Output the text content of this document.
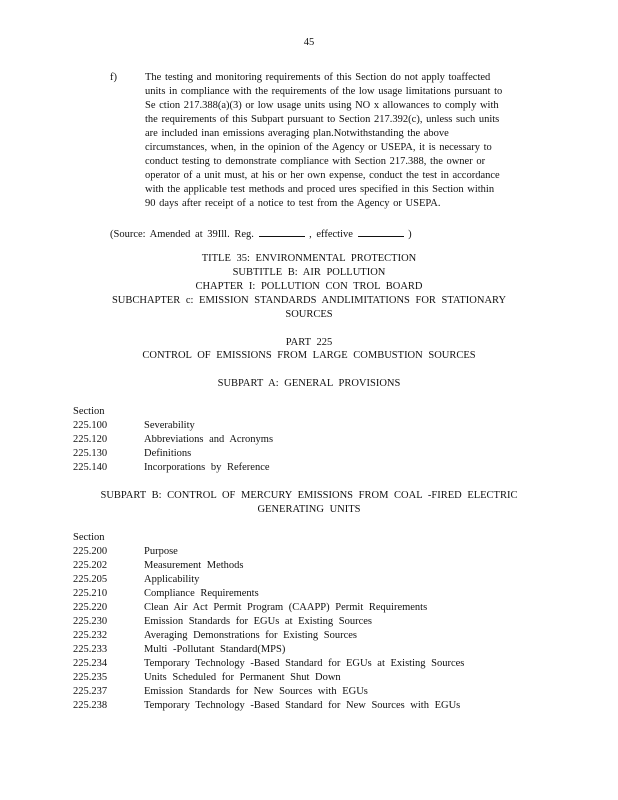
45
f)	The testing and monitoring requirements of this Section do not apply toaffected
units in compliance with the requirements of the low usage limitations pursuant to
Se ction 217.388(a)(3) or low usage units using NO x allowances to comply with
the requirements of this Subpart pursuant to Section 217.392(c), unless such units
are included inan emissions averaging plan.Notwithstanding the above
circumstances, when, in the opinion of the Agency or USEPA, it is necessary to
conduct testing to demonstrate compliance with Section 217.388, the owner or
operator of a unit must, at his or her own expense, conduct the test in accordance
with the applicable test methods and proced ures specified in this Section within
90 days after receipt of a notice to test from the Agency or USEPA.
(Source: Amended at 39Ill. Reg.	, effective	)
TITLE 35: ENVIRONMENTAL PROTECTION
SUBTITLE B: AIR POLLUTION
CHAPTER I: POLLUTION CON TROL BOARD
SUBCHAPTER c: EMISSION STANDARDS ANDLIMITATIONS FOR STATIONARY
SOURCES
PART 225
CONTROL OF EMISSIONS FROM LARGE COMBUSTION SOURCES
SUBPART A: GENERAL PROVISIONS
Section
225.100	Severability
225.120	Abbreviations and Acronyms
225.130	Definitions
225.140	Incorporations by Reference
SUBPART B: CONTROL OF MERCURY EMISSIONS FROM COAL -FIRED ELECTRIC
GENERATING UNITS
Section
225.200	Purpose
225.202	Measurement Methods
225.205	Applicability
225.210	Compliance Requirements
225.220	Clean Air Act Permit Program (CAAPP) Permit Requirements
225.230	Emission Standards for EGUs at Existing Sources
225.232	Averaging Demonstrations for Existing Sources
225.233	Multi -Pollutant Standard(MPS)
225.234	Temporary Technology -Based Standard for EGUs at Existing Sources
225.235	Units Scheduled for Permanent Shut Down
225.237	Emission Standards for New Sources with EGUs
225.238	Temporary Technology -Based Standard for New Sources with EGUs
